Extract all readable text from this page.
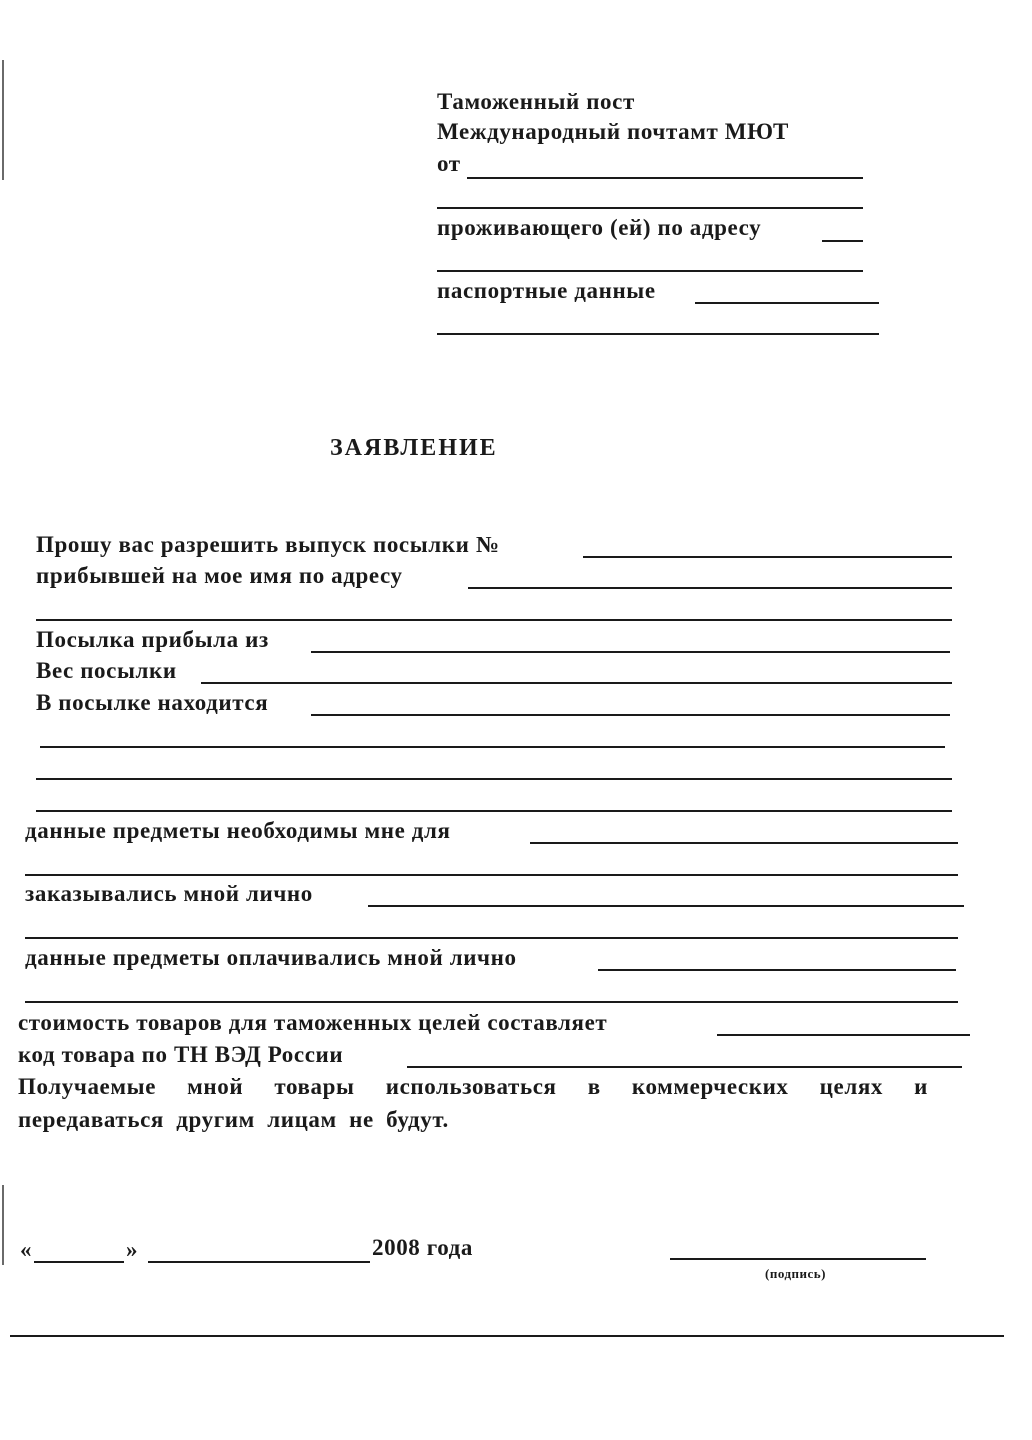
Таможенный пост
Международный почтамт МЮТ
от
проживающего (ей) по адресу
паспортные данные
ЗАЯВЛЕНИЕ
Прошу вас разрешить выпуск посылки №
прибывшей на мое имя по адресу
Посылка прибыла из
Вес посылки
В посылке находится
данные предметы необходимы мне для
заказывались мной лично
данные предметы оплачивались мной лично
стоимость товаров для таможенных целей составляет
код товара по ТН ВЭД России
Получаемые мной товары использоваться в коммерческих целях и
передаваться другим лицам не будут.
«	»	2008 года
(подпись)
